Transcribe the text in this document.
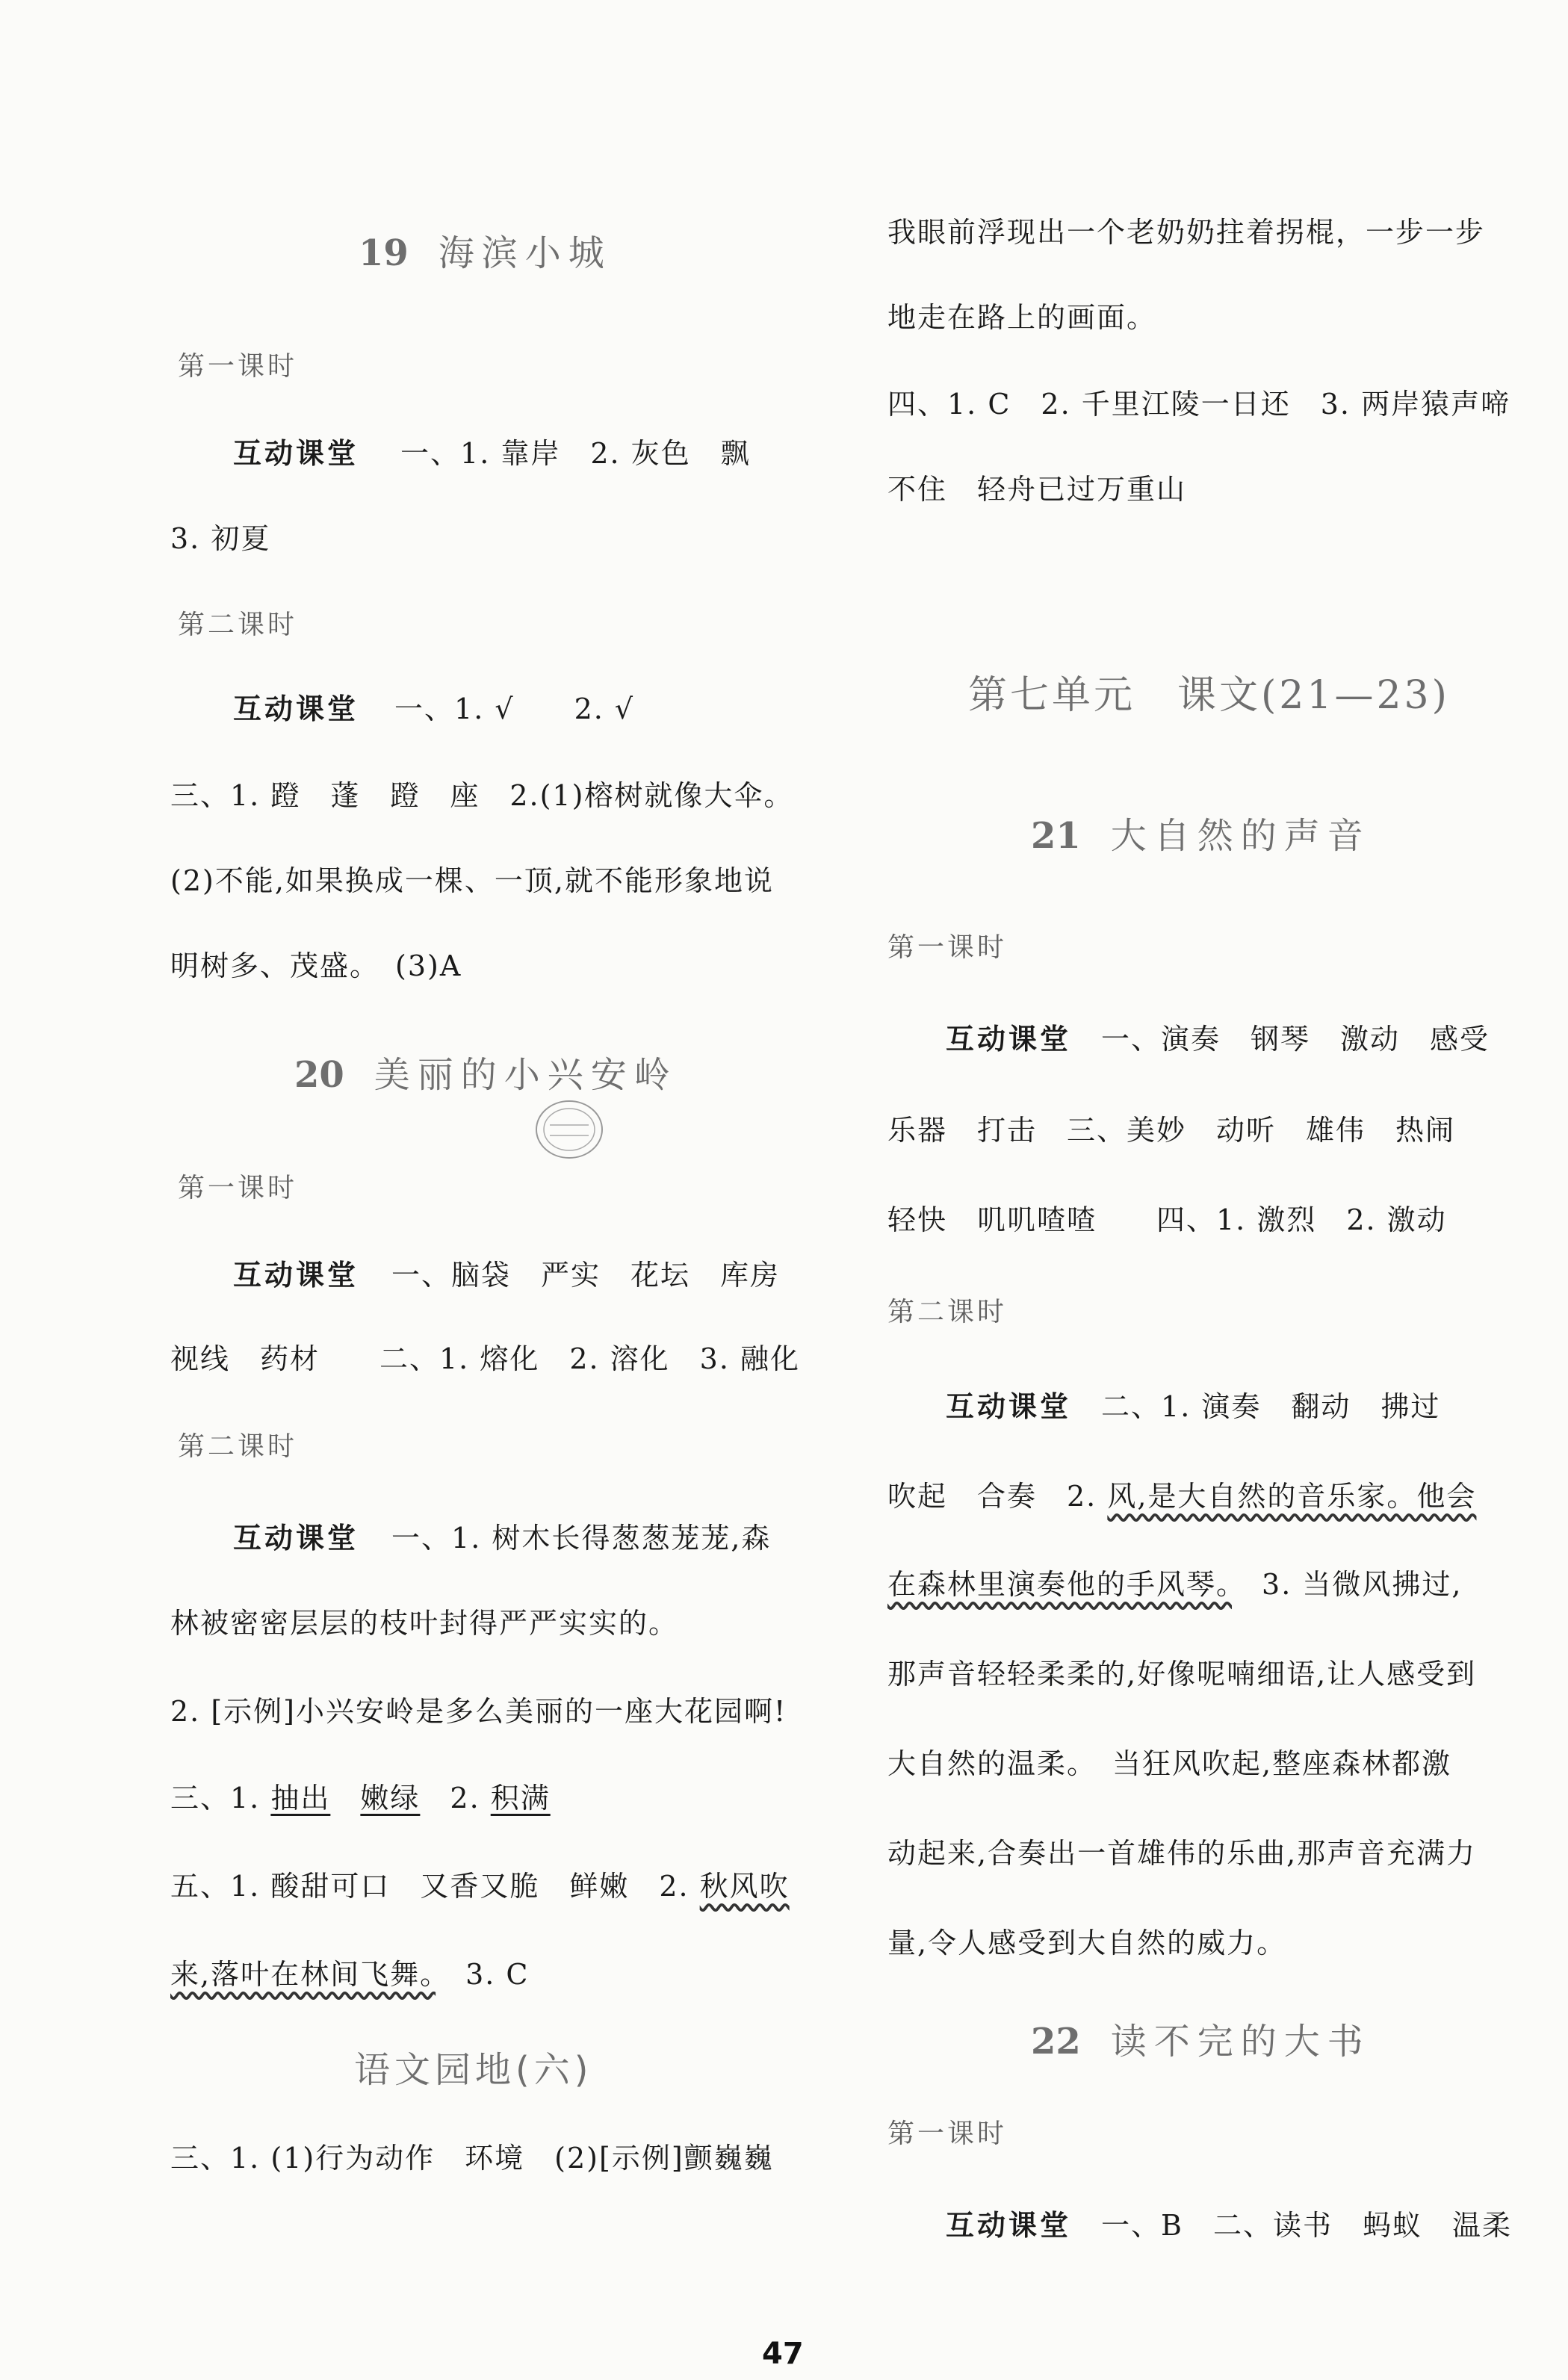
19 海滨小城
第一课时
互动课堂 一、1. 靠岸　2. 灰色　飘
3. 初夏
第二课时
互动课堂 一、1. √　　2. √
三、1. 蹬　蓬　蹬　座　2.(1)榕树就像大伞。
(2)不能,如果换成一棵、一顶,就不能形象地说
明树多、茂盛。　(3)A
20 美丽的小兴安岭
第一课时
互动课堂 一、脑袋　严实　花坛　库房
视线　药材　　二、1. 熔化　2. 溶化　3. 融化
第二课时
互动课堂 一、1. 树木长得葱葱茏茏,森
林被密密层层的枝叶封得严严实实的。
2. [示例]小兴安岭是多么美丽的一座大花园啊!
三、1. 抽出　 嫩绿　2. 积满
五、1. 酸甜可口　又香又脆　鲜嫩　2. 秋风吹
来,落叶在林间飞舞。　3. C
语文园地(六)
三、1. (1)行为动作　环境　(2)[示例]颤巍巍
我眼前浮现出一个老奶奶拄着拐棍，一步一步
地走在路上的画面。
四、1. C　2. 千里江陵一日还　3. 两岸猿声啼
不住　轻舟已过万重山
第七单元　课文(21—23)
21 大自然的声音
第一课时
互动课堂 一、演奏　钢琴　激动　感受
乐器　打击　三、美妙　动听　雄伟　热闹
轻快　叽叽喳喳　　四、1. 激烈　2. 激动
第二课时
互动课堂 二、1. 演奏　翻动　拂过
吹起　合奏　2. 风,是大自然的音乐家。他会
在森林里演奏他的手风琴。　3. 当微风拂过,
那声音轻轻柔柔的,好像呢喃细语,让人感受到
大自然的温柔。　当狂风吹起,整座森林都激
动起来,合奏出一首雄伟的乐曲,那声音充满力
量,令人感受到大自然的威力。
22 读不完的大书
第一课时
互动课堂 一、B　二、读书　蚂蚁　温柔
47
